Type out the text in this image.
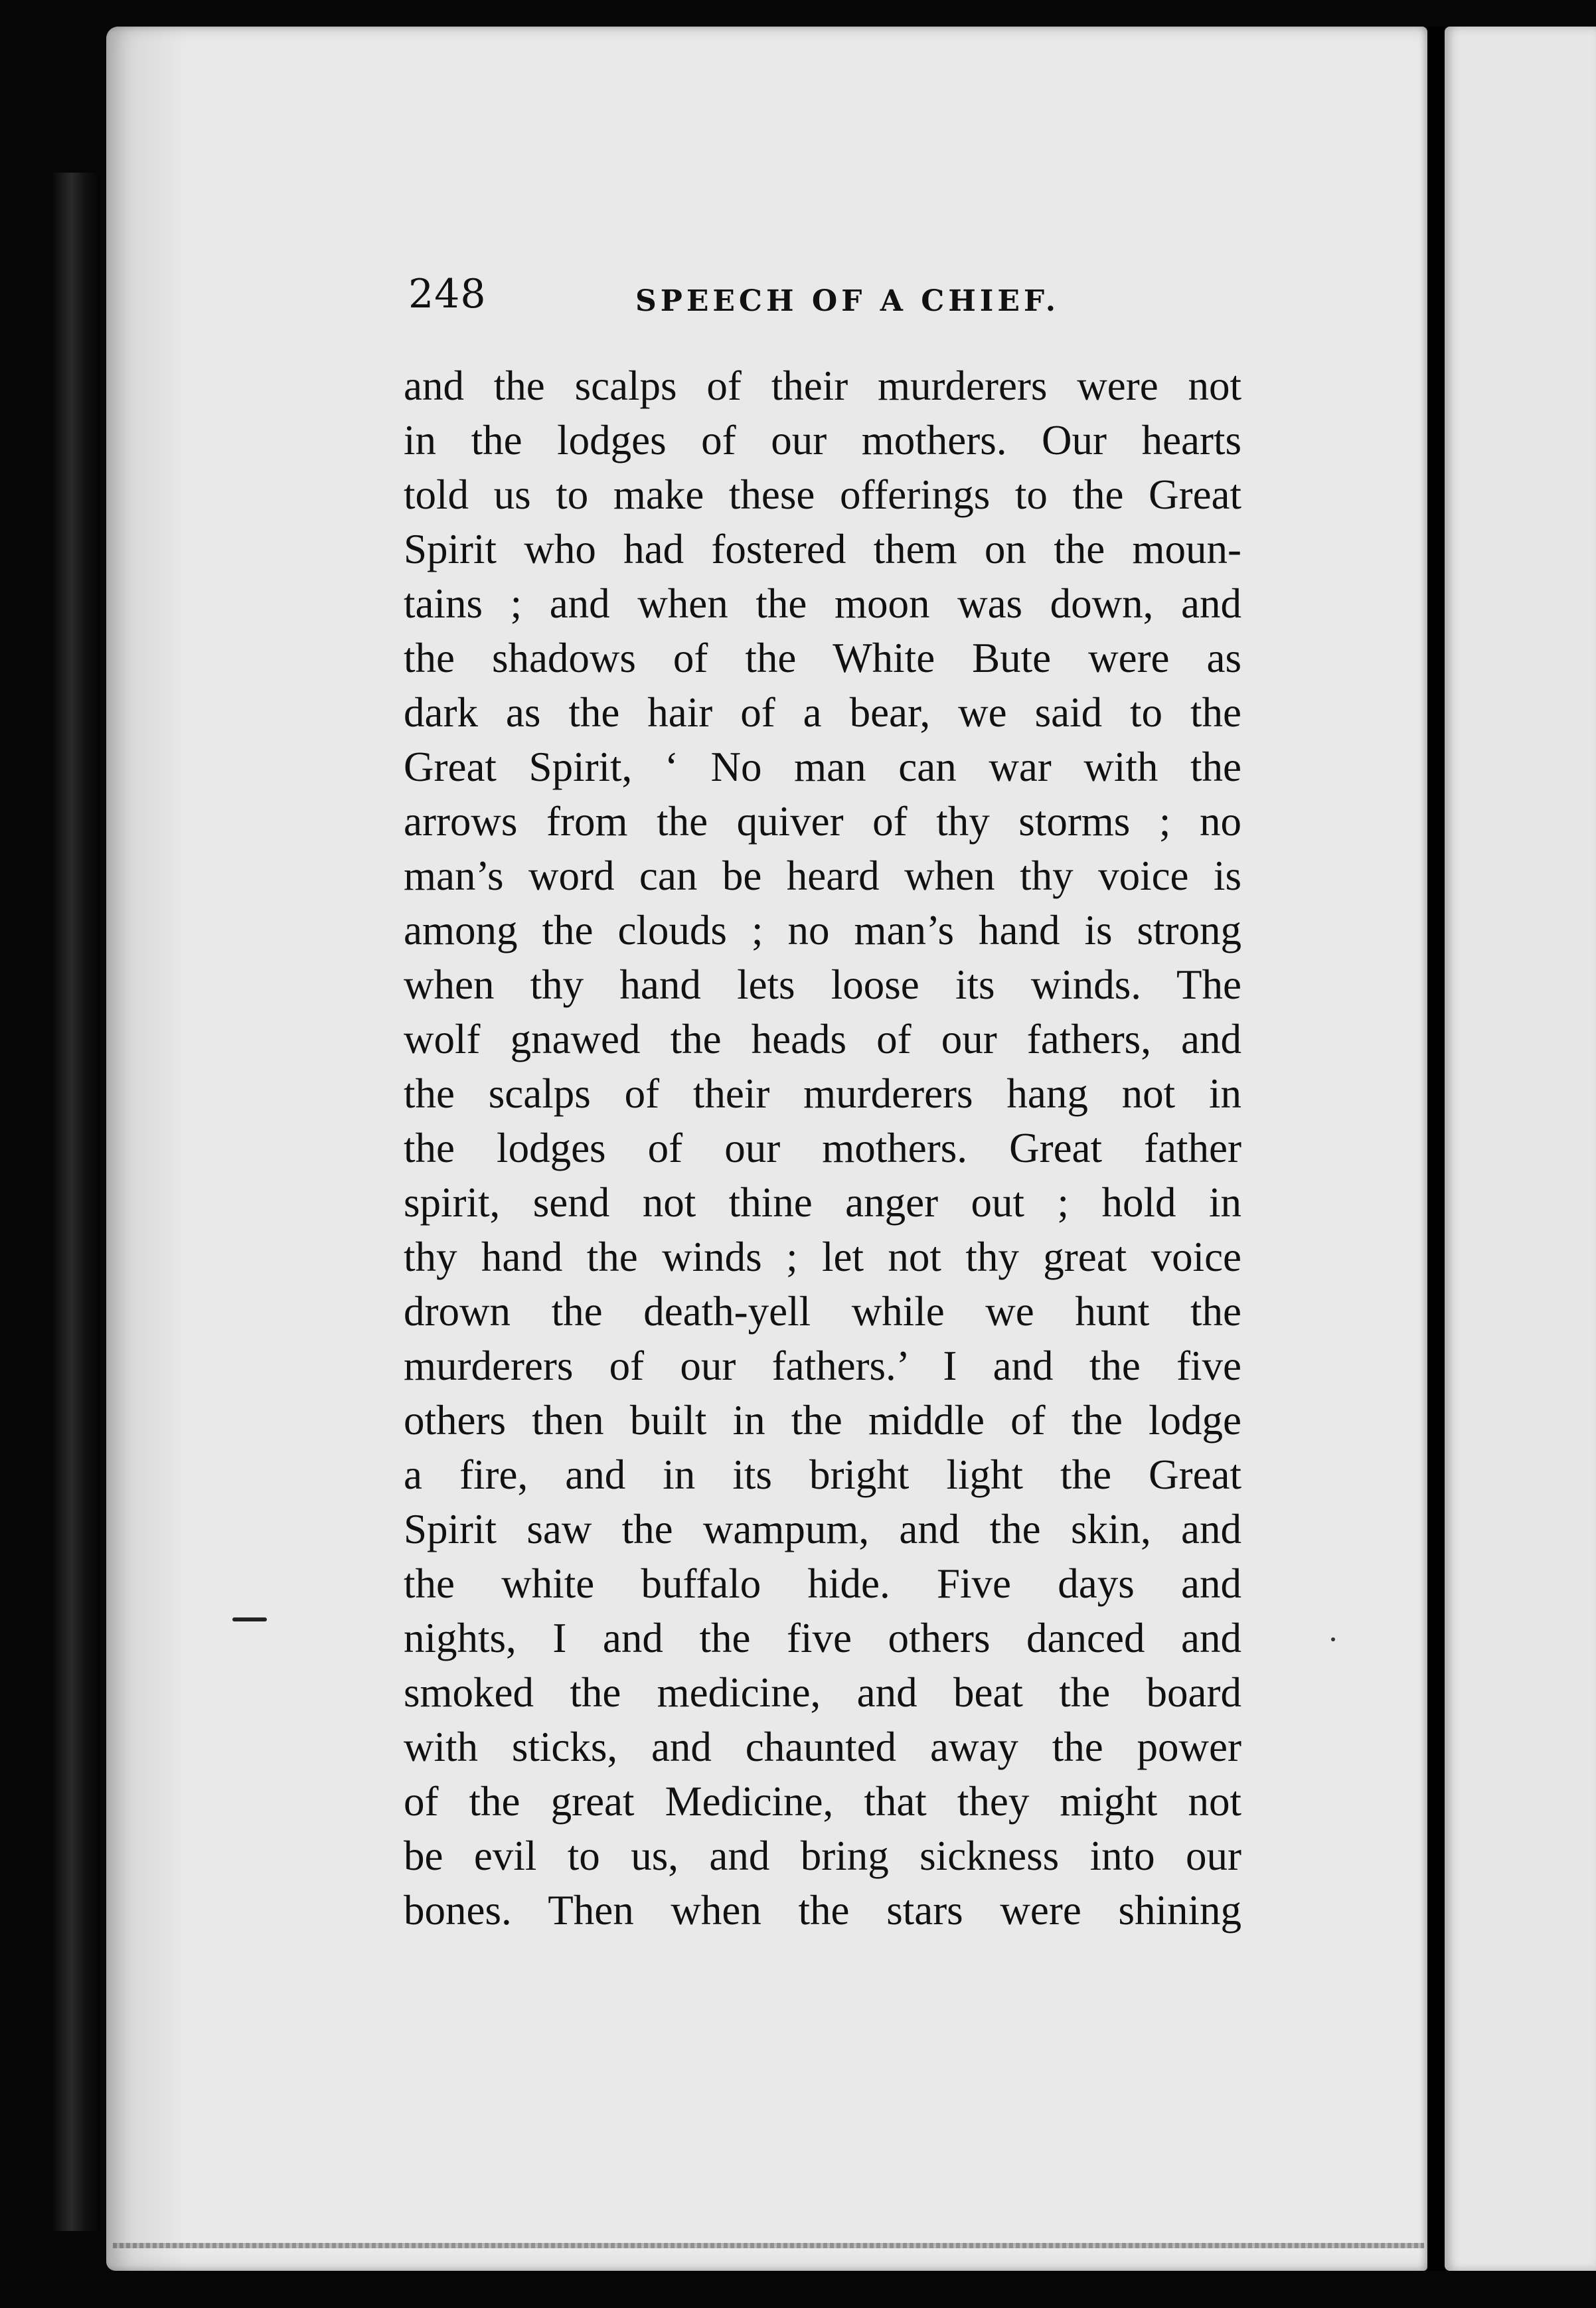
248	SPEECH OF A CHIEF.
and the scalps of their murderers were not
in the lodges of our mothers. Our hearts
told us to make these offerings to the Great
Spirit who had fostered them on the moun-
tains ; and when the moon was down, and
the shadows of the White Bute were as
dark as the hair of a bear, we said to the
Great Spirit, ‘ No man can war with the
arrows from the quiver of thy storms ; no
man’s word can be heard when thy voice is
among the clouds ; no man’s hand is strong
when thy hand lets loose its winds. The
wolf gnawed the heads of our fathers, and
the scalps of their murderers hang not in
the lodges of our mothers. Great father
spirit, send not thine anger out ; hold in
thy hand the winds ; let not thy great voice
drown the death-yell while we hunt the
murderers of our fathers.’ I and the five
others then built in the middle of the lodge
a fire, and in its bright light the Great
Spirit saw the wampum, and the skin, and
the white buffalo hide. Five days and
nights, I and the five others danced and
smoked the medicine, and beat the board
with sticks, and chaunted away the power
of the great Medicine, that they might not
be evil to us, and bring sickness into our
bones. Then when the stars were shining
